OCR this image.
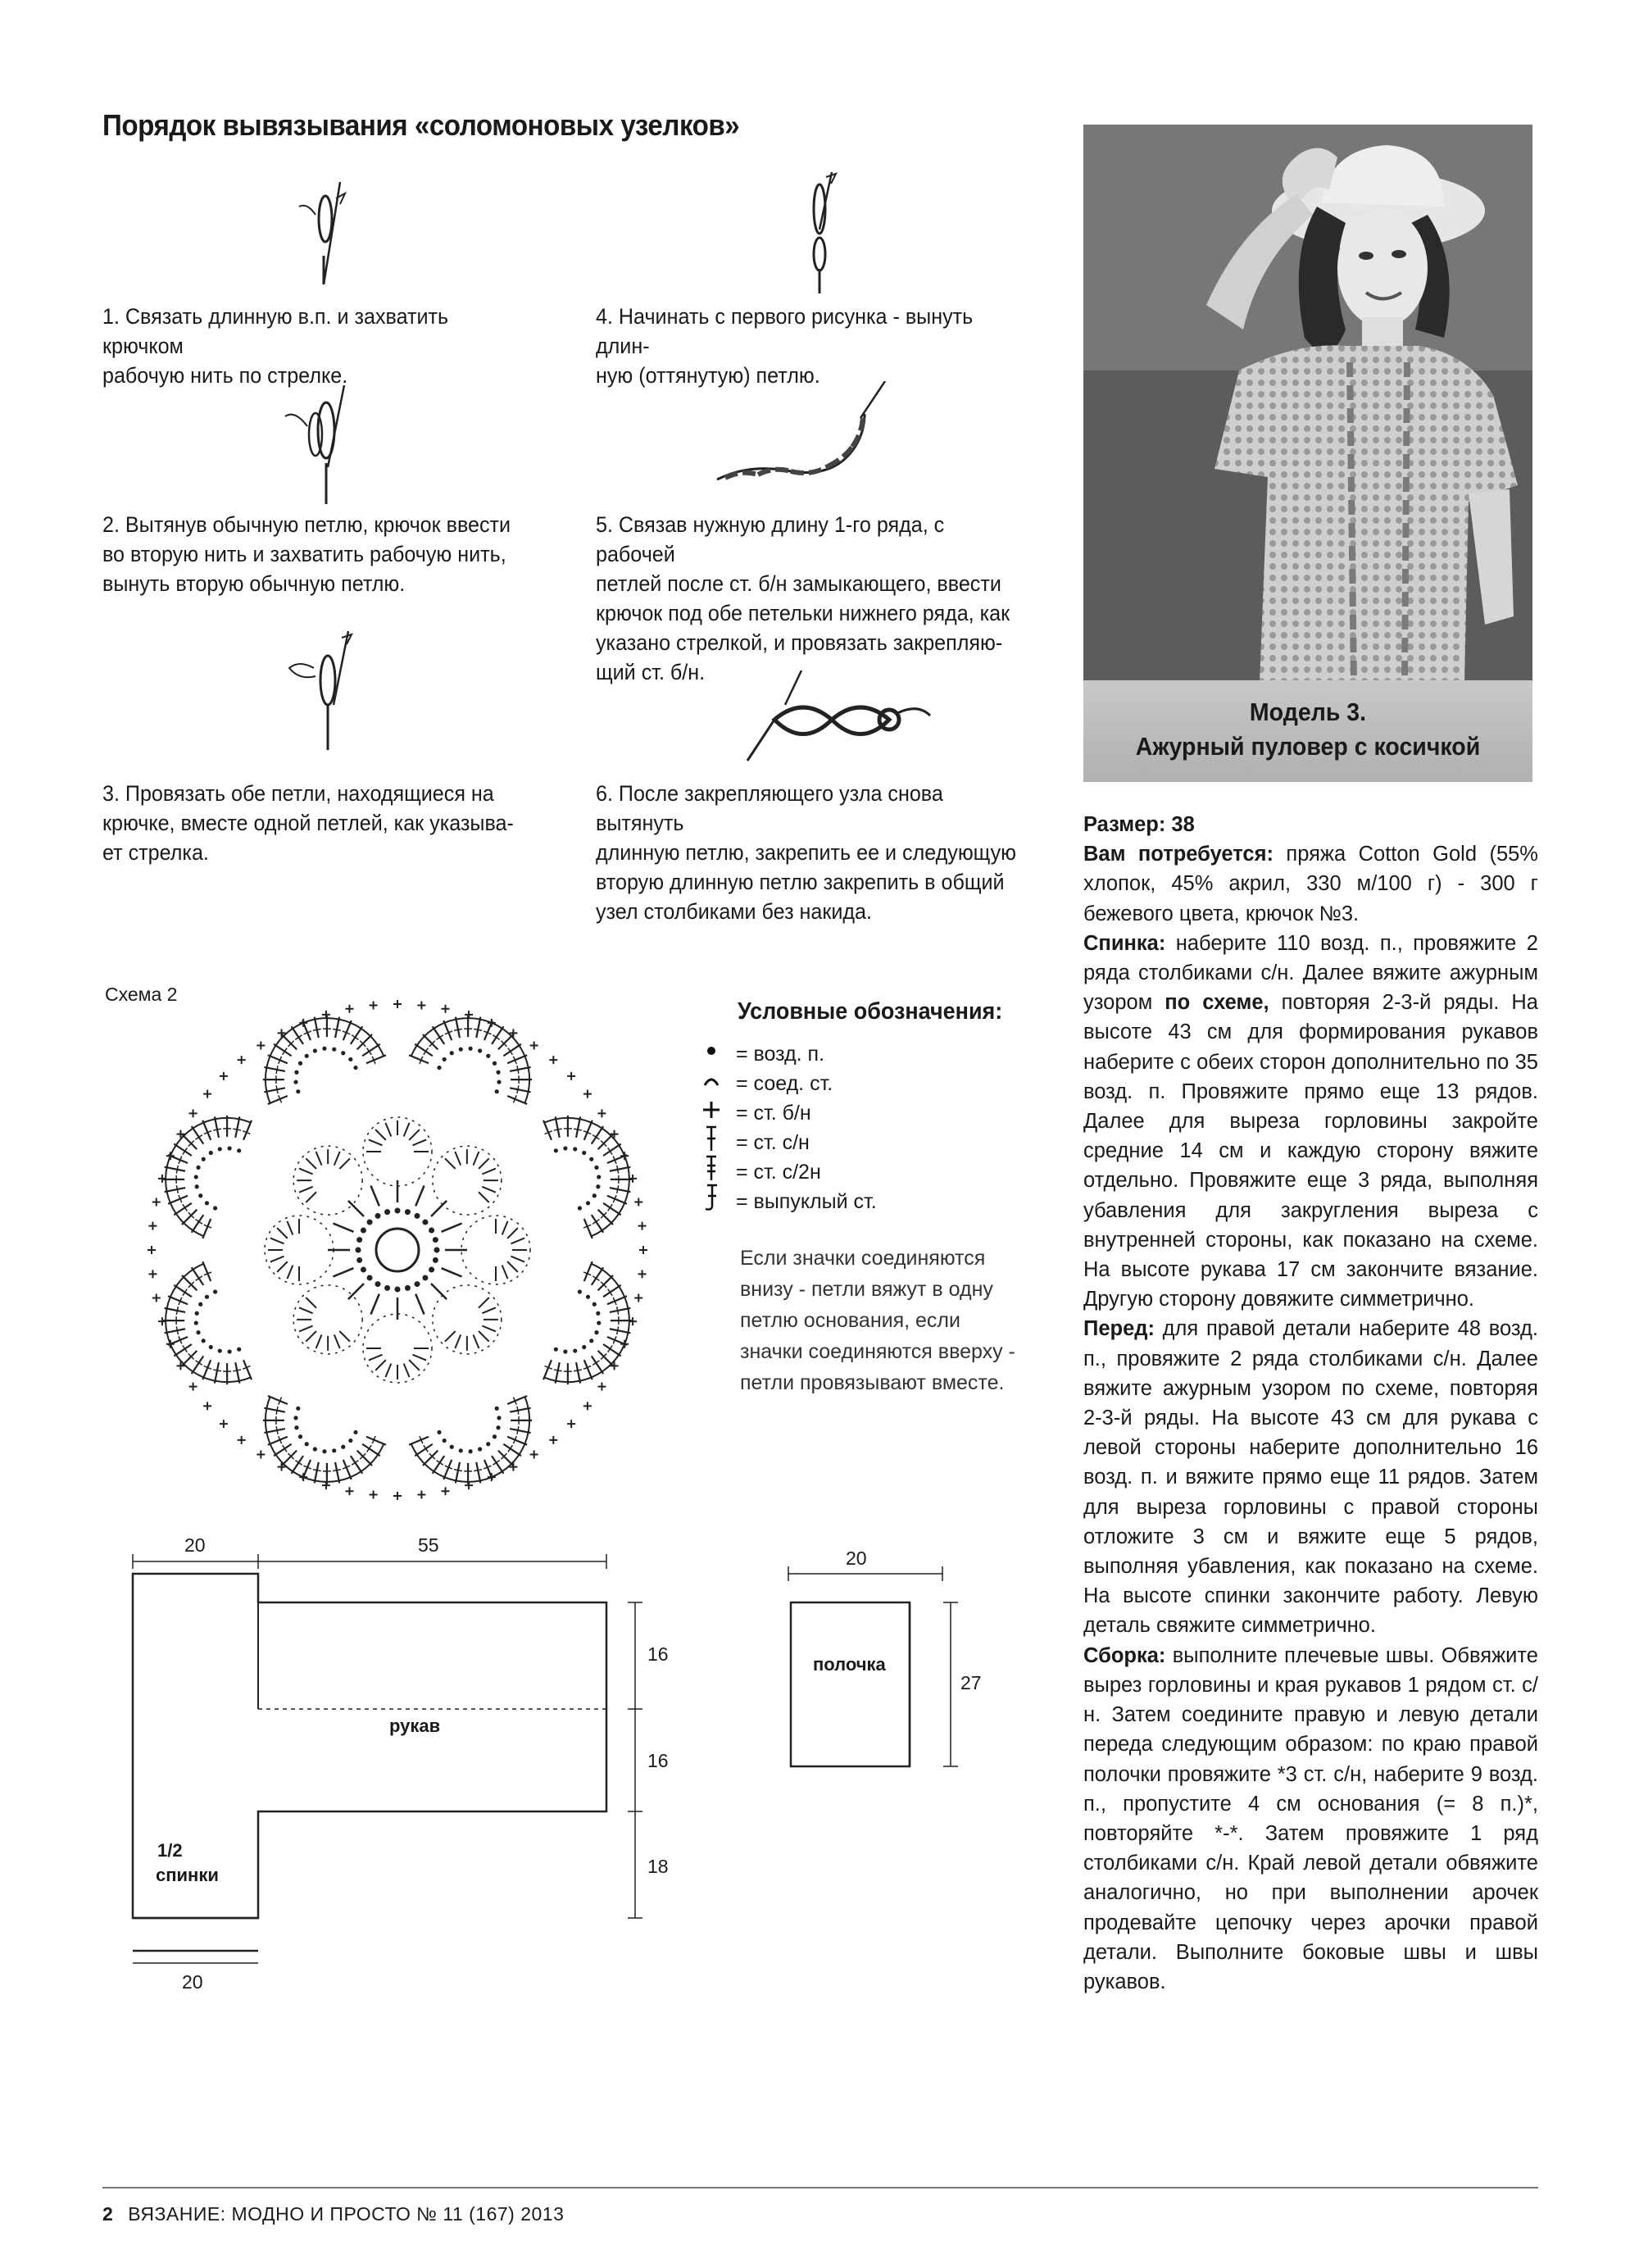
Порядок вывязывания «соломоновых узелков»
1. Связать длинную в.п. и захватить крючком
рабочую нить по стрелке.
2. Вытянув обычную петлю, крючок ввести
во вторую нить и захватить рабочую нить,
вынуть вторую обычную петлю.
3. Провязать обе петли, находящиеся на
крючке, вместе одной петлей, как указыва-
ет стрелка.
4. Начинать с первого рисунка - вынуть длин-
ную (оттянутую) петлю.
5. Связав нужную длину 1-го ряда, с рабочей
петлей после ст. б/н замыкающего, ввести
крючок под обе петельки нижнего ряда, как
указано стрелкой, и провязать закрепляю-
щий ст. б/н.
6. После закрепляющего узла снова вытянуть
длинную петлю, закрепить ее и следующую
вторую длинную петлю закрепить в общий
узел столбиками без накида.
Схема 2
Условные обозначения:
= возд. п.
= соед. ст.
= ст. б/н
= ст. с/н
= ст. с/2н
= выпуклый ст.
Если значки соединяются
внизу - петли вяжут в одну
петлю основания, если
значки соединяются вверху -
петли провязывают вместе.
20	55
16
16
18
20
рукав
1/2
спинки
20
27
полочка
Модель 3.
Ажурный пуловер с косичкой

Размер: 38

Вам потребуется: пряжа Cotton Gold (55% хлопок, 45% акрил, 330 м/100 г) - 300 г бежевого цвета, крючок №3.

Спинка: наберите 110 возд. п., провяжите 2 ряда столбиками с/н. Далее вяжите ажурным узором по схеме, повторяя 2-3-й ряды. На высоте 43 см для формирования рукавов наберите с обеих сторон дополнительно по 35 возд. п. Провяжите прямо еще 13 рядов. Далее для выреза горловины закройте средние 14 см и каждую сторону вяжите отдельно. Провяжите еще 3 ряда, выполняя убавления для закругления выреза с внутренней стороны, как показано на схеме. На высоте рукава 17 см закончите вязание. Другую сторону довяжите симметрично.

Перед: для правой детали наберите 48 возд. п., провяжите 2 ряда столбиками с/н. Далее вяжите ажурным узором по схеме, повторяя 2-3-й ряды. На высоте 43 см для рукава с левой стороны наберите дополнительно 16 возд. п. и вяжите прямо еще 11 рядов. Затем для выреза горловины с правой стороны отложите 3 см и вяжите еще 5 рядов, выполняя убавления, как показано на схеме. На высоте спинки закончите работу. Левую деталь свяжите симметрично.

Сборка: выполните плечевые швы. Обвяжите вырез горловины и края рукавов 1 рядом ст. с/н. Затем соедините правую и левую детали переда следующим образом: по краю правой полочки провяжите *3 ст. с/н, наберите 9 возд. п., пропустите 4 см основания (= 8 п.)*, повторяйте *-*. Затем провяжите 1 ряд столбиками с/н. Край левой детали обвяжите аналогично, но при выполнении арочек продевайте цепочку через арочки правой детали. Выполните боковые швы и швы рукавов.

2 ВЯЗАНИЕ: МОДНО И ПРОСТО № 11 (167) 2013
